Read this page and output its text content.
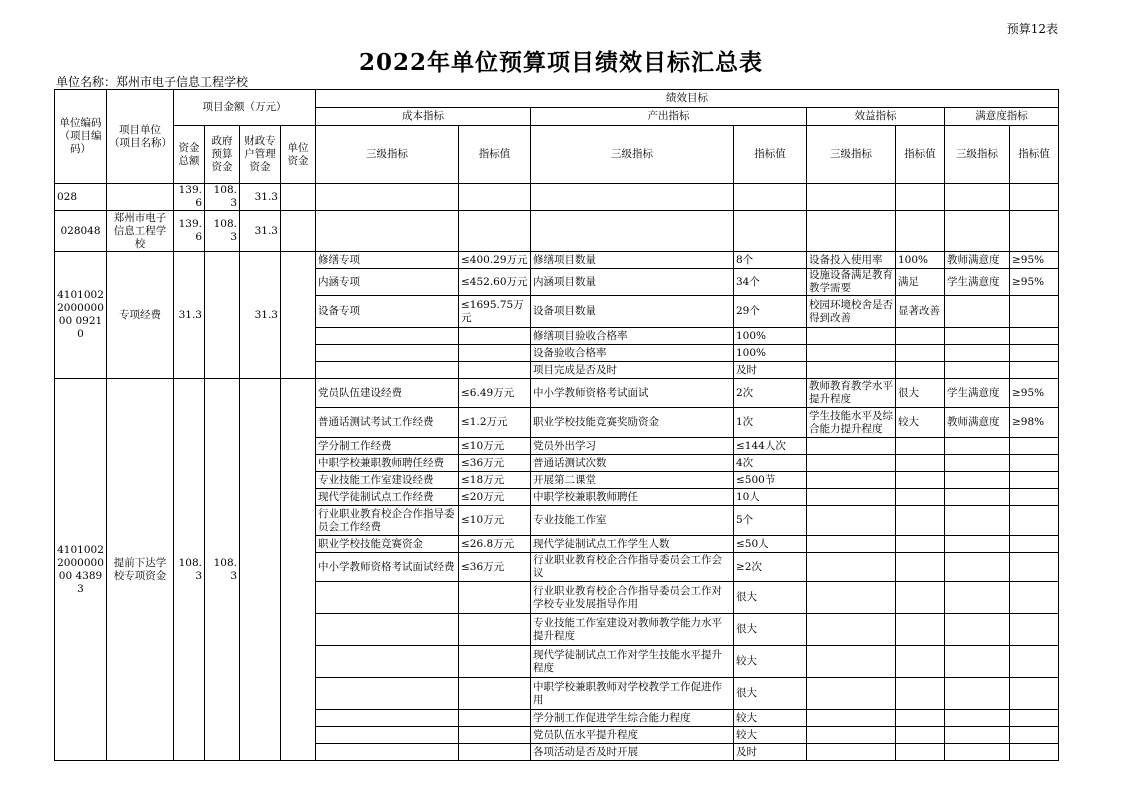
预算12表
2022年单位预算项目绩效目标汇总表
单位名称：郑州市电子信息工程学校
单位编码（项目编码）	项目单位（项目名称）	项目金额（万元）				绩效目标							
						成本指标		产出指标		效益指标		满意度指标	
		资金总额	政府预算资金	财政专户管理资金	单位资金	三级指标	指标值	三级指标	指标值	三级指标	指标值	三级指标	指标值
028		139.6	108.3	31.3									
028048	郑州市电子信息工程学校	139.6	108.3	31.3									
4101002200000000 09210	专项经费	31.3		31.3		修缮专项	≤400.29万元	修缮项目数量	8个	设备投入使用率	100%	教师满意度	≥95%
						内涵专项	≤452.60万元	内涵项目数量	34个	设施设备满足教育教学需要	满足	学生满意度	≥95%
						设备专项	≤1695.75万元	设备项目数量	29个	校园环境校舍是否得到改善	显著改善		
								修缮项目验收合格率	100%				
								设备验收合格率	100%				
								项目完成是否及时	及时				
4101002200000000 43893	提前下达学校专项资金	108.3	108.3			党员队伍建设经费	≤6.49万元	中小学教师资格考试面试	2次	教师教育教学水平提升程度	很大	学生满意度	≥95%
						普通话测试考试工作经费	≤1.2万元	职业学校技能竞赛奖励资金	1次	学生技能水平及综合能力提升程度	较大	教师满意度	≥98%
						学分制工作经费	≤10万元	党员外出学习	≤144人次				
						中职学校兼职教师聘任经费	≤36万元	普通话测试次数	4次				
						专业技能工作室建设经费	≤18万元	开展第二课堂	≤500节				
						现代学徒制试点工作经费	≤20万元	中职学校兼职教师聘任	10人				
						行业职业教育校企合作指导委员会工作经费	≤10万元	专业技能工作室	5个				
						职业学校技能竞赛资金	≤26.8万元	现代学徒制试点工作学生人数	≤50人				
						中小学教师资格考试面试经费	≤36万元	行业职业教育校企合作指导委员会工作会议	≥2次				
								行业职业教育校企合作指导委员会工作对学校专业发展指导作用	很大				
								专业技能工作室建设对教师教学能力水平提升程度	很大				
								现代学徒制试点工作对学生技能水平提升程度	较大				
								中职学校兼职教师对学校教学工作促进作用	很大				
								学分制工作促进学生综合能力程度	较大				
								党员队伍水平提升程度	较大				
								各项活动是否及时开展	及时				
